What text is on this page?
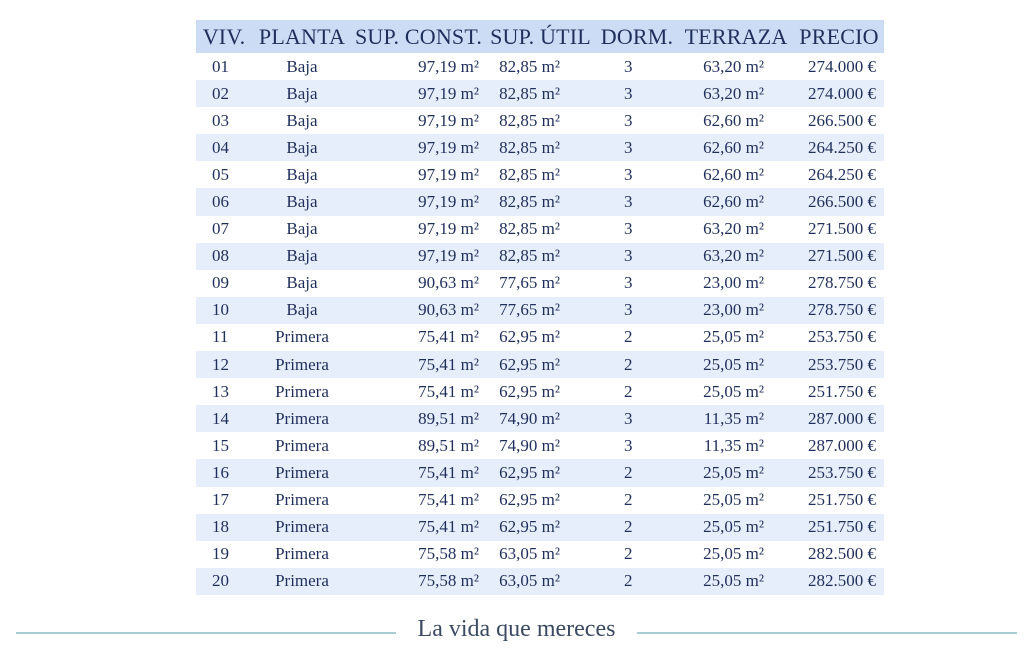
VIV.	PLANTA	SUP. CONST.	SUP. ÚTIL	DORM.	TERRAZA	PRECIO
01	Baja	97,19 m²	82,85 m²	3	63,20 m²	274.000 €
02	Baja	97,19 m²	82,85 m²	3	63,20 m²	274.000 €
03	Baja	97,19 m²	82,85 m²	3	62,60 m²	266.500 €
04	Baja	97,19 m²	82,85 m²	3	62,60 m²	264.250 €
05	Baja	97,19 m²	82,85 m²	3	62,60 m²	264.250 €
06	Baja	97,19 m²	82,85 m²	3	62,60 m²	266.500 €
07	Baja	97,19 m²	82,85 m²	3	63,20 m²	271.500 €
08	Baja	97,19 m²	82,85 m²	3	63,20 m²	271.500 €
09	Baja	90,63 m²	77,65 m²	3	23,00 m²	278.750 €
10	Baja	90,63 m²	77,65 m²	3	23,00 m²	278.750 €
11	Primera	75,41 m²	62,95 m²	2	25,05 m²	253.750 €
12	Primera	75,41 m²	62,95 m²	2	25,05 m²	253.750 €
13	Primera	75,41 m²	62,95 m²	2	25,05 m²	251.750 €
14	Primera	89,51 m²	74,90 m²	3	11,35 m²	287.000 €
15	Primera	89,51 m²	74,90 m²	3	11,35 m²	287.000 €
16	Primera	75,41 m²	62,95 m²	2	25,05 m²	253.750 €
17	Primera	75,41 m²	62,95 m²	2	25,05 m²	251.750 €
18	Primera	75,41 m²	62,95 m²	2	25,05 m²	251.750 €
19	Primera	75,58 m²	63,05 m²	2	25,05 m²	282.500 €
20	Primera	75,58 m²	63,05 m²	2	25,05 m²	282.500 €
La vida que mereces
